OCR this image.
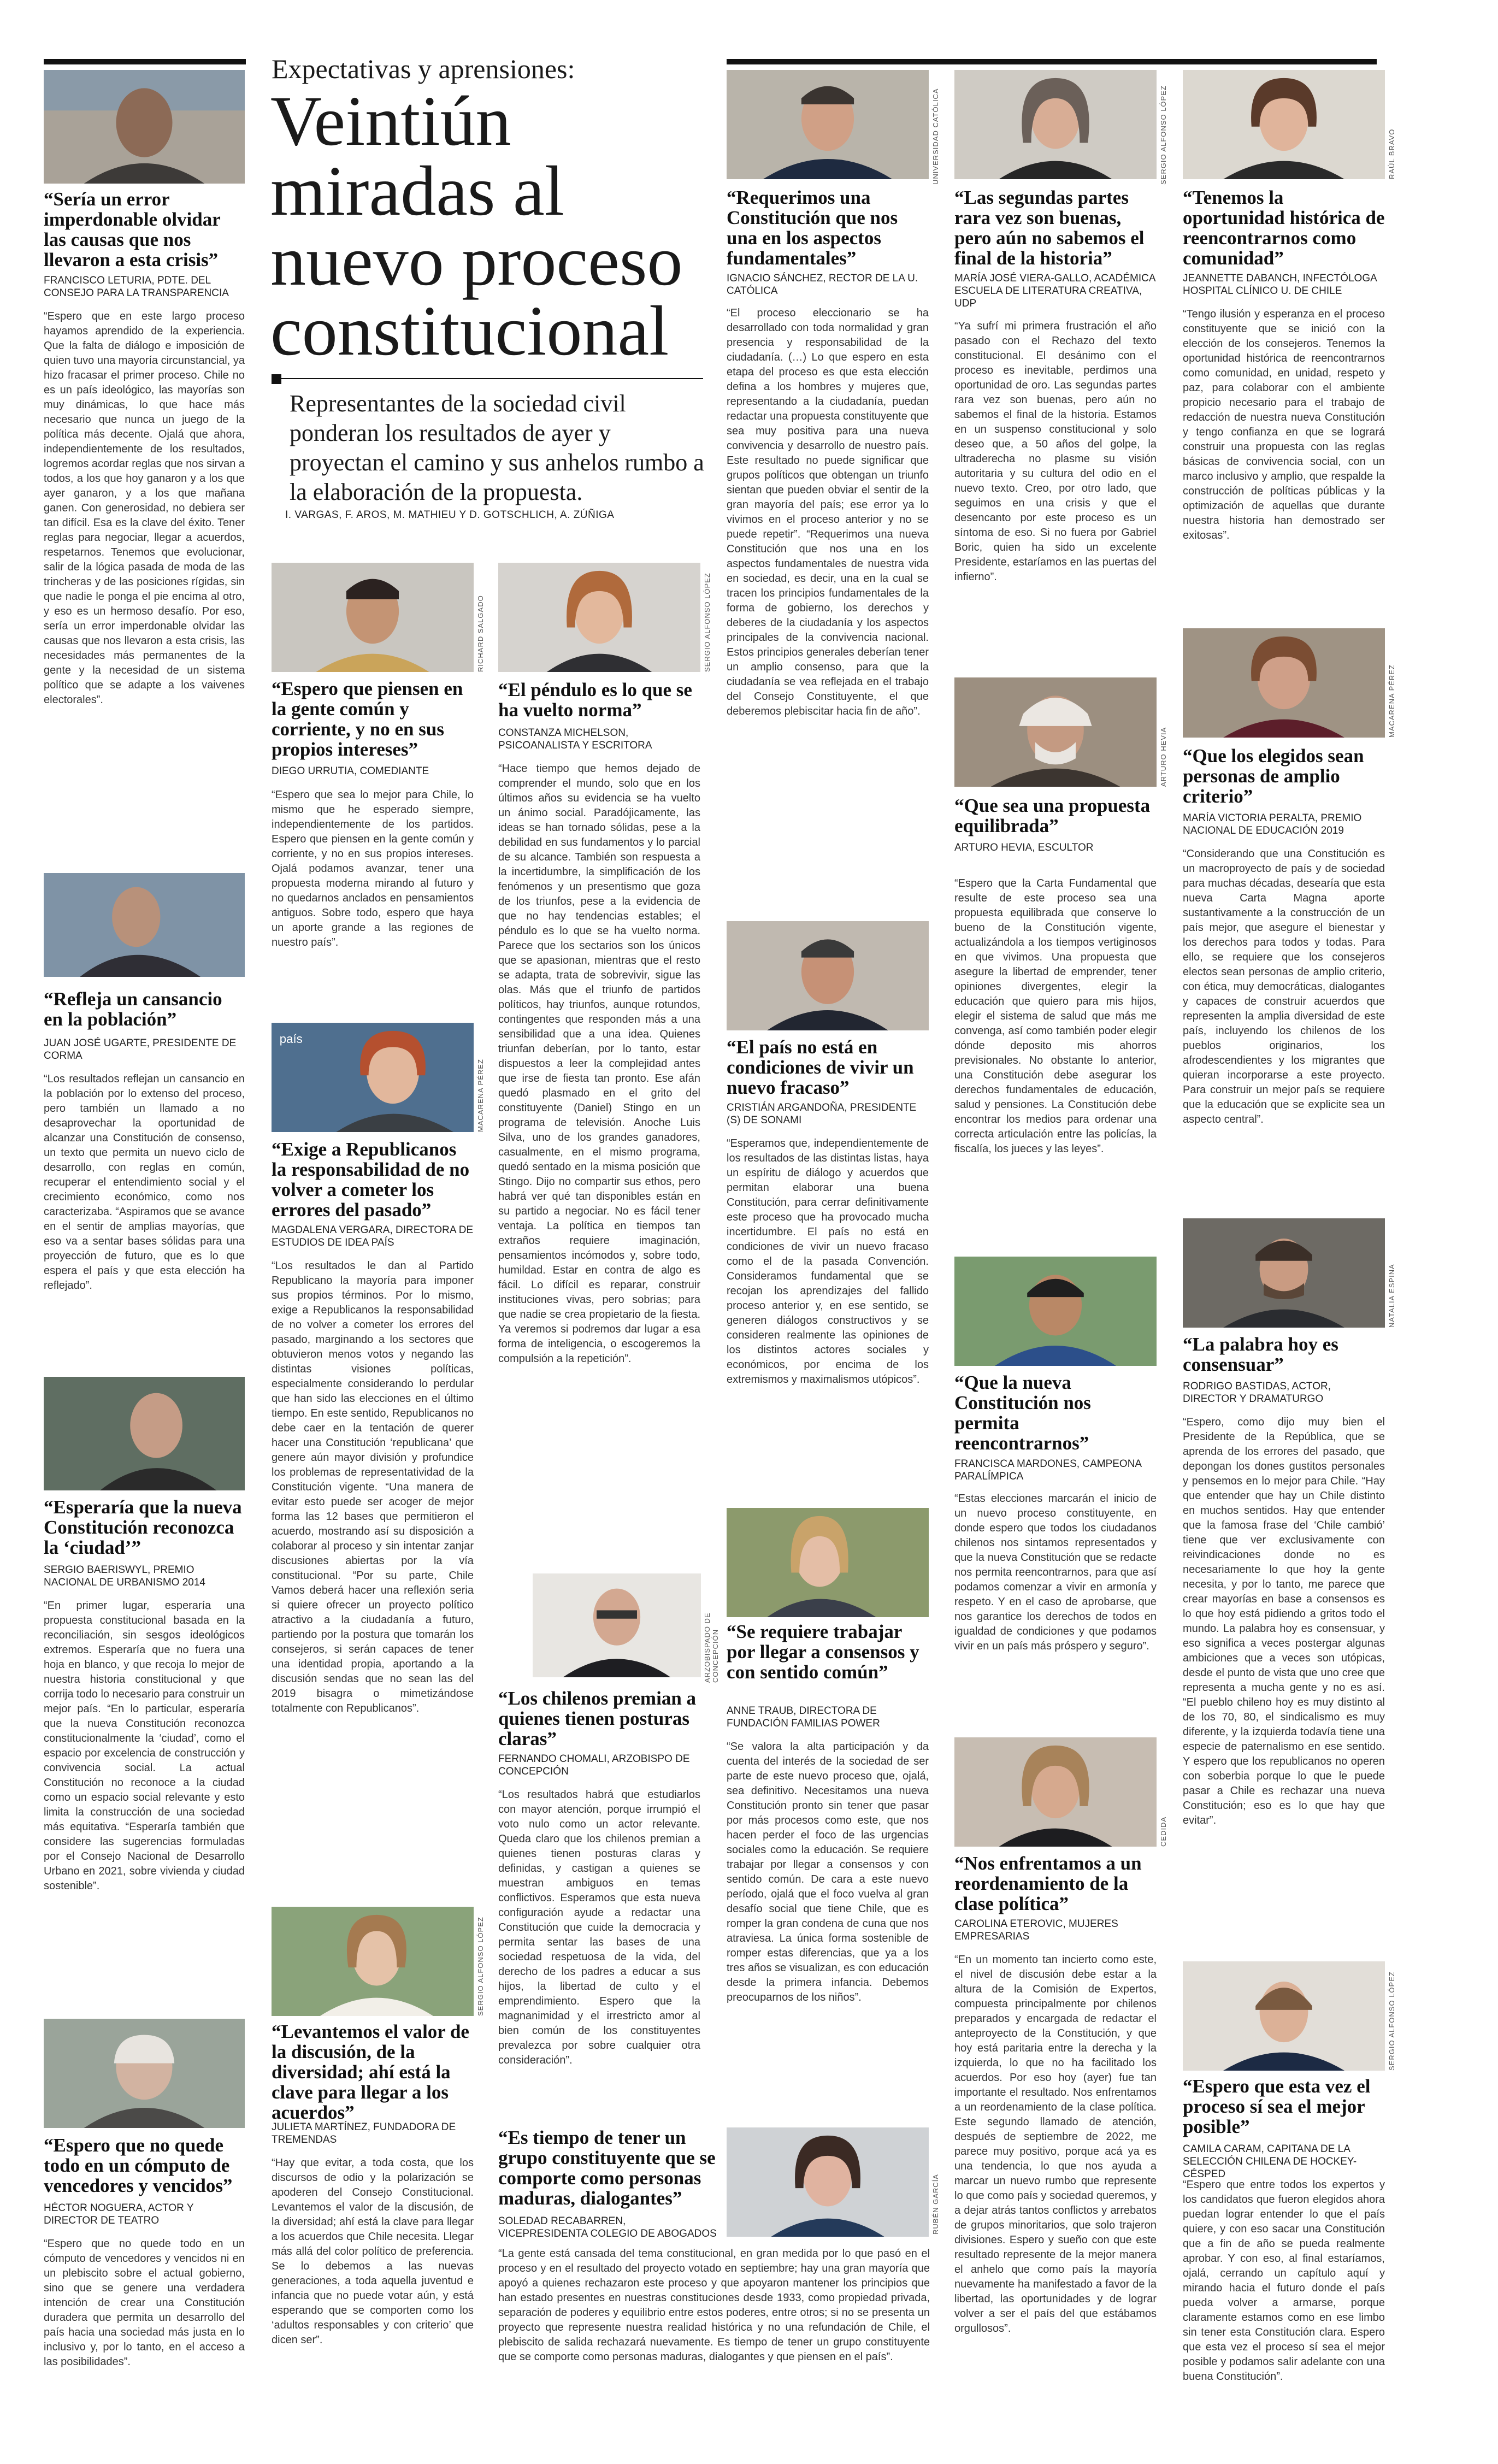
Expectativas y aprensiones:
Veintiún
miradas al
nuevo proceso
constitucional
Representantes de la sociedad civil ponderan los resultados de ayer y proyectan el camino y sus anhelos rumbo a la elaboración de la propuesta.
I. VARGAS, F. AROS, M. MATHIEU Y D. GOTSCHLICH, A. ZÚÑIGA
“Sería un error imperdonable olvidar las causas que nos llevaron a esta crisis”
FRANCISCO LETURIA, PDTE. DEL CONSEJO PARA LA TRANSPARENCIA
“Espero que en este largo proceso hayamos aprendido de la experiencia. Que la falta de diálogo e imposición de quien tuvo una mayoría circunstancial, ya hizo fracasar el primer proceso. Chile no es un país ideológico, las mayorías son muy dinámicas, lo que hace más necesario que nunca un juego de la política más decente. Ojalá que ahora, independientemente de los resultados, logremos acordar reglas que nos sirvan a todos, a los que hoy ganaron y a los que ayer ganaron, y a los que mañana ganen. Con generosidad, no debiera ser tan difícil. Esa es la clave del éxito. Tener reglas para negociar, llegar a acuerdos, respetarnos. Tenemos que evolucionar, salir de la lógica pasada de moda de las trincheras y de las posiciones rígidas, sin que nadie le ponga el pie encima al otro, y eso es un hermoso desafío. Por eso, sería un error imperdonable olvidar las causas que nos llevaron a esta crisis, las necesidades más permanentes de la gente y la necesidad de un sistema político que se adapte a los vaivenes electorales”.
“Refleja un cansancio en la población”
JUAN JOSÉ UGARTE, PRESIDENTE DE CORMA
“Los resultados reflejan un cansancio en la población por lo extenso del proceso, pero también un llamado a no desaprovechar la oportunidad de alcanzar una Constitución de consenso, un texto que permita un nuevo ciclo de desarrollo, con reglas en común, recuperar el entendimiento social y el crecimiento económico, como nos caracterizaba. “Aspiramos que se avance en el sentir de amplias mayorías, que eso va a sentar bases sólidas para una proyección de futuro, que es lo que espera el país y que esta elección ha reflejado”.
“Esperaría que la nueva Constitución reconozca la ‘ciudad’”
SERGIO BAERISWYL, PREMIO NACIONAL DE URBANISMO 2014
“En primer lugar, esperaría una propuesta constitucional basada en la reconciliación, sin sesgos ideológicos extremos. Esperaría que no fuera una hoja en blanco, y que recoja lo mejor de nuestra historia constitucional y que corrija todo lo necesario para construir un mejor país. “En lo particular, esperaría que la nueva Constitución reconozca constitucionalmente la ‘ciudad’, como el espacio por excelencia de construcción y convivencia social. La actual Constitución no reconoce a la ciudad como un espacio social relevante y esto limita la construcción de una sociedad más equitativa. “Esperaría también que considere las sugerencias formuladas por el Consejo Nacional de Desarrollo Urbano en 2021, sobre vivienda y ciudad sostenible”.
“Espero que no quede todo en un cómputo de vencedores y vencidos”
HÉCTOR NOGUERA, ACTOR Y DIRECTOR DE TEATRO
“Espero que no quede todo en un cómputo de vencedores y vencidos ni en un plebiscito sobre el actual gobierno, sino que se genere una verdadera intención de crear una Constitución duradera que permita un desarrollo del país hacia una sociedad más justa en lo inclusivo y, por lo tanto, en el acceso a las posibilidades”.
RICHARD SALGADO
“Espero que piensen en la gente común y corriente, y no en sus propios intereses”
DIEGO URRUTIA, COMEDIANTE
“Espero que sea lo mejor para Chile, lo mismo que he esperado siempre, independientemente de los partidos. Espero que piensen en la gente común y corriente, y no en sus propios intereses. Ojalá podamos avanzar, tener una propuesta moderna mirando al futuro y no quedarnos anclados en pensamientos antiguos. Sobre todo, espero que haya un aporte grande a las regiones de nuestro país”.
país
MACARENA PÉREZ
“Exige a Republicanos la responsabilidad de no volver a cometer los errores del pasado”
MAGDALENA VERGARA, DIRECTORA DE ESTUDIOS DE IDEA PAÍS
“Los resultados le dan al Partido Republicano la mayoría para imponer sus propios términos. Por lo mismo, exige a Republicanos la responsabilidad de no volver a cometer los errores del pasado, marginando a los sectores que obtuvieron menos votos y negando las distintas visiones políticas, especialmente considerando lo perdular que han sido las elecciones en el último tiempo. En este sentido, Republicanos no debe caer en la tentación de querer hacer una Constitución ‘republicana’ que genere aún mayor división y profundice los problemas de representatividad de la Constitución vigente. “Una manera de evitar esto puede ser acoger de mejor forma las 12 bases que permitieron el acuerdo, mostrando así su disposición a colaborar al proceso y sin intentar zanjar discusiones abiertas por la vía constitucional. “Por su parte, Chile Vamos deberá hacer una reflexión seria si quiere ofrecer un proyecto político atractivo a la ciudadanía a futuro, partiendo por la postura que tomarán los consejeros, si serán capaces de tener una identidad propia, aportando a la discusión sendas que no sean las del 2019 bisagra o mimetizándose totalmente con Republicanos”.
SERGIO ALFONSO LÓPEZ
“Levantemos el valor de la discusión, de la diversidad; ahí está la clave para llegar a los acuerdos”
JULIETA MARTÍNEZ, FUNDADORA DE TREMENDAS
“Hay que evitar, a toda costa, que los discursos de odio y la polarización se apoderen del Consejo Constitucional. Levantemos el valor de la discusión, de la diversidad; ahí está la clave para llegar a los acuerdos que Chile necesita. Llegar más allá del color político de preferencia. Se lo debemos a las nuevas generaciones, a toda aquella juventud e infancia que no puede votar aún, y está esperando que se comporten como los ‘adultos responsables y con criterio’ que dicen ser”.
SERGIO ALFONSO LÓPEZ
“El péndulo es lo que se ha vuelto norma”
CONSTANZA MICHELSON, PSICOANALISTA Y ESCRITORA
“Hace tiempo que hemos dejado de comprender el mundo, solo que en los últimos años su evidencia se ha vuelto un ánimo social. Paradójicamente, las ideas se han tornado sólidas, pese a la debilidad en sus fundamentos y lo parcial de su alcance. También son respuesta a la incertidumbre, la simplificación de los fenómenos y un presentismo que goza de los triunfos, pese a la evidencia de que no hay tendencias estables; el péndulo es lo que se ha vuelto norma. Parece que los sectarios son los únicos que se apasionan, mientras que el resto se adapta, trata de sobrevivir, sigue las olas. Más que el triunfo de partidos políticos, hay triunfos, aunque rotundos, contingentes que responden más a una sensibilidad que a una idea. Quienes triunfan deberían, por lo tanto, estar dispuestos a leer la complejidad antes que irse de fiesta tan pronto. Ese afán quedó plasmado en el grito del constituyente (Daniel) Stingo en un programa de televisión. Anoche Luis Silva, uno de los grandes ganadores, casualmente, en el mismo programa, quedó sentado en la misma posición que Stingo. Dijo no compartir sus ethos, pero habrá ver qué tan disponibles están en su partido a negociar. No es fácil tener ventaja. La política en tiempos tan extraños requiere imaginación, pensamientos incómodos y, sobre todo, humildad. Estar en contra de algo es fácil. Lo difícil es reparar, construir instituciones vivas, pero sobrias; para que nadie se crea propietario de la fiesta. Ya veremos si podremos dar lugar a esa forma de inteligencia, o escogeremos la compulsión a la repetición”.
ARZOBISPADO DE CONCEPCIÓN
“Los chilenos premian a quienes tienen posturas claras”
FERNANDO CHOMALI, ARZOBISPO DE CONCEPCIÓN
“Los resultados habrá que estudiarlos con mayor atención, porque irrumpió el voto nulo como un actor relevante. Queda claro que los chilenos premian a quienes tienen posturas claras y definidas, y castigan a quienes se muestran ambiguos en temas conflictivos. Esperamos que esta nueva configuración ayude a redactar una Constitución que cuide la democracia y permita sentar las bases de una sociedad respetuosa de la vida, del derecho de los padres a educar a sus hijos, la libertad de culto y el emprendimiento. Espero que la magnanimidad y el irrestricto amor al bien común de los constituyentes prevalezca por sobre cualquier otra consideración”.
“Es tiempo de tener un grupo constituyente que se comporte como personas maduras, dialogantes”
SOLEDAD RECABARREN, VICEPRESIDENTA COLEGIO DE ABOGADOS	RUBÉN GARCÍA
“La gente está cansada del tema constitucional, en gran medida por lo que pasó en el proceso y en el resultado del proyecto votado en septiembre; hay una gran mayoría que apoyó a quienes rechazaron este proceso y que apoyaron mantener los principios que han estado presentes en nuestras constituciones desde 1933, como propiedad privada, separación de poderes y equilibrio entre estos poderes, entre otros; si no se presenta un proyecto que represente nuestra realidad histórica y no una refundación de Chile, el plebiscito de salida rechazará nuevamente. Es tiempo de tener un grupo constituyente que se comporte como personas maduras, dialogantes y que piensen en el país”.
UNIVERSIDAD CATÓLICA
“Requerimos una Constitución que nos una en los aspectos fundamentales”
IGNACIO SÁNCHEZ, RECTOR DE LA U. CATÓLICA
“El proceso eleccionario se ha desarrollado con toda normalidad y gran presencia y responsabilidad de la ciudadanía. (…) Lo que espero en esta etapa del proceso es que esta elección defina a los hombres y mujeres que, representando a la ciudadanía, puedan redactar una propuesta constituyente que sea muy positiva para una nueva convivencia y desarrollo de nuestro país. Este resultado no puede significar que grupos políticos que obtengan un triunfo sientan que pueden obviar el sentir de la gran mayoría del país; ese error ya lo vivimos en el proceso anterior y no se puede repetir”. “Requerimos una nueva Constitución que nos una en los aspectos fundamentales de nuestra vida en sociedad, es decir, una en la cual se tracen los principios fundamentales de la forma de gobierno, los derechos y deberes de la ciudadanía y los aspectos principales de la convivencia nacional. Estos principios generales deberían tener un amplio consenso, para que la ciudadanía se vea reflejada en el trabajo del Consejo Constituyente, el que deberemos plebiscitar hacia fin de año”.
“El país no está en condiciones de vivir un nuevo fracaso”
CRISTIÁN ARGANDOÑA, PRESIDENTE (S) DE SONAMI
“Esperamos que, independientemente de los resultados de las distintas listas, haya un espíritu de diálogo y acuerdos que permitan elaborar una buena Constitución, para cerrar definitivamente este proceso que ha provocado mucha incertidumbre. El país no está en condiciones de vivir un nuevo fracaso como el de la pasada Convención. Consideramos fundamental que se recojan los aprendizajes del fallido proceso anterior y, en ese sentido, se generen diálogos constructivos y se consideren realmente las opiniones de los distintos actores sociales y económicos, por encima de los extremismos y maximalismos utópicos”.
“Se requiere trabajar por llegar a consensos y con sentido común”
ANNE TRAUB, DIRECTORA DE FUNDACIÓN FAMILIAS POWER
“Se valora la alta participación y da cuenta del interés de la sociedad de ser parte de este nuevo proceso que, ojalá, sea definitivo. Necesitamos una nueva Constitución pronto sin tener que pasar por más procesos como este, que nos hacen perder el foco de las urgencias sociales como la educación. Se requiere trabajar por llegar a consensos y con sentido común. De cara a este nuevo período, ojalá que el foco vuelva al gran desafío social que tiene Chile, que es romper la gran condena de cuna que nos atraviesa. La única forma sostenible de romper estas diferencias, que ya a los tres años se visualizan, es con educación desde la primera infancia. Debemos preocuparnos de los niños”.
SERGIO ALFONSO LÓPEZ
“Las segundas partes rara vez son buenas, pero aún no sabemos el final de la historia”
MARÍA JOSÉ VIERA-GALLO, ACADÉMICA ESCUELA DE LITERATURA CREATIVA, UDP
“Ya sufrí mi primera frustración el año pasado con el Rechazo del texto constitucional. El desánimo con el proceso es inevitable, perdimos una oportunidad de oro. Las segundas partes rara vez son buenas, pero aún no sabemos el final de la historia. Estamos en un suspenso constitucional y solo deseo que, a 50 años del golpe, la ultraderecha no plasme su visión autoritaria y su cultura del odio en el nuevo texto. Creo, por otro lado, que seguimos en una crisis y que el desencanto por este proceso es un síntoma de eso. Si no fuera por Gabriel Boric, quien ha sido un excelente Presidente, estaríamos en las puertas del infierno”.
ARTURO HEVIA
“Que sea una propuesta equilibrada”
ARTURO HEVIA, ESCULTOR
“Espero que la Carta Fundamental que resulte de este proceso sea una propuesta equilibrada que conserve lo bueno de la Constitución vigente, actualizándola a los tiempos vertiginosos en que vivimos. Una propuesta que asegure la libertad de emprender, tener opiniones divergentes, elegir la educación que quiero para mis hijos, elegir el sistema de salud que más me convenga, así como también poder elegir dónde deposito mis ahorros previsionales. No obstante lo anterior, una Constitución debe asegurar los derechos fundamentales de educación, salud y pensiones. La Constitución debe encontrar los medios para ordenar una correcta articulación entre las policías, la fiscalía, los jueces y las leyes”.
“Que la nueva Constitución nos permita reencontrarnos”
FRANCISCA MARDONES, CAMPEONA PARALÍMPICA
“Estas elecciones marcarán el inicio de un nuevo proceso constituyente, en donde espero que todos los ciudadanos chilenos nos sintamos representados y que la nueva Constitución que se redacte nos permita reencontrarnos, para que así podamos comenzar a vivir en armonía y respeto. Y en el caso de aprobarse, que nos garantice los derechos de todos en igualdad de condiciones y que podamos vivir en un país más próspero y seguro”.
CEDIDA
“Nos enfrentamos a un reordenamiento de la clase política”
CAROLINA ETEROVIC, MUJERES EMPRESARIAS
“En un momento tan incierto como este, el nivel de discusión debe estar a la altura de la Comisión de Expertos, compuesta principalmente por chilenos preparados y encargada de redactar el anteproyecto de la Constitución, y que hoy está paritaria entre la derecha y la izquierda, lo que no ha facilitado los acuerdos. Por eso hoy (ayer) fue tan importante el resultado. Nos enfrentamos a un reordenamiento de la clase política. Este segundo llamado de atención, después de septiembre de 2022, me parece muy positivo, porque acá ya es una tendencia, lo que nos ayuda a marcar un nuevo rumbo que represente lo que como país y sociedad queremos, y a dejar atrás tantos conflictos y arrebatos de grupos minoritarios, que solo trajeron divisiones. Espero y sueño con que este resultado represente de la mejor manera el anhelo que como país la mayoría nuevamente ha manifestado a favor de la libertad, las oportunidades y de lograr volver a ser el país del que estábamos orgullosos”.
RAÚL BRAVO
“Tenemos la oportunidad histórica de reencontrarnos como comunidad”
JEANNETTE DABANCH, INFECTÓLOGA HOSPITAL CLÍNICO U. DE CHILE
“Tengo ilusión y esperanza en el proceso constituyente que se inició con la elección de los consejeros. Tenemos la oportunidad histórica de reencontrarnos como comunidad, en unidad, respeto y paz, para colaborar con el ambiente propicio necesario para el trabajo de redacción de nuestra nueva Constitución y tengo confianza en que se logrará construir una propuesta con las reglas básicas de convivencia social, con un marco inclusivo y amplio, que respalde la construcción de políticas públicas y la optimización de aquellas que durante nuestra historia han demostrado ser exitosas”.
MACARENA PÉREZ
“Que los elegidos sean personas de amplio criterio”
MARÍA VICTORIA PERALTA, PREMIO NACIONAL DE EDUCACIÓN 2019
“Considerando que una Constitución es un macroproyecto de país y de sociedad para muchas décadas, desearía que esta nueva Carta Magna aporte sustantivamente a la construcción de un país mejor, que asegure el bienestar y los derechos para todos y todas. Para ello, se requiere que los consejeros electos sean personas de amplio criterio, con ética, muy democráticas, dialogantes y capaces de construir acuerdos que representen la amplia diversidad de este país, incluyendo los chilenos de los pueblos originarios, los afrodescendientes y los migrantes que quieran incorporarse a este proyecto. Para construir un mejor país se requiere que la educación que se explicite sea un aspecto central”.
NATALIA ESPINA
“La palabra hoy es consensuar”
RODRIGO BASTIDAS, ACTOR, DIRECTOR Y DRAMATURGO
“Espero, como dijo muy bien el Presidente de la República, que se aprenda de los errores del pasado, que depongan los dones gustitos personales y pensemos en lo mejor para Chile. “Hay que entender que hay un Chile distinto en muchos sentidos. Hay que entender que la famosa frase del ‘Chile cambió’ tiene que ver exclusivamente con reivindicaciones donde no es necesariamente lo que hoy la gente necesita, y por lo tanto, me parece que crear mayorías en base a consensos es lo que hoy está pidiendo a gritos todo el mundo. La palabra hoy es consensuar, y eso significa a veces postergar algunas ambiciones que a veces son utópicas, desde el punto de vista que uno cree que representa a mucha gente y no es así. “El pueblo chileno hoy es muy distinto al de los 70, 80, el sindicalismo es muy diferente, y la izquierda todavía tiene una especie de paternalismo en ese sentido. Y espero que los republicanos no operen con soberbia porque lo que le puede pasar a Chile es rechazar una nueva Constitución; eso es lo que hay que evitar”.
SERGIO ALFONSO LÓPEZ
“Espero que esta vez el proceso sí sea el mejor posible”
CAMILA CARAM, CAPITANA DE LA SELECCIÓN CHILENA DE HOCKEY-CÉSPED
“Espero que entre todos los expertos y los candidatos que fueron elegidos ahora puedan lograr entender lo que el país quiere, y con eso sacar una Constitución que a fin de año se pueda realmente aprobar. Y con eso, al final estaríamos, ojalá, cerrando un capítulo aquí y mirando hacia el futuro donde el país pueda volver a armarse, porque claramente estamos como en ese limbo sin tener esta Constitución clara. Espero que esta vez el proceso sí sea el mejor posible y podamos salir adelante con una buena Constitución”.
